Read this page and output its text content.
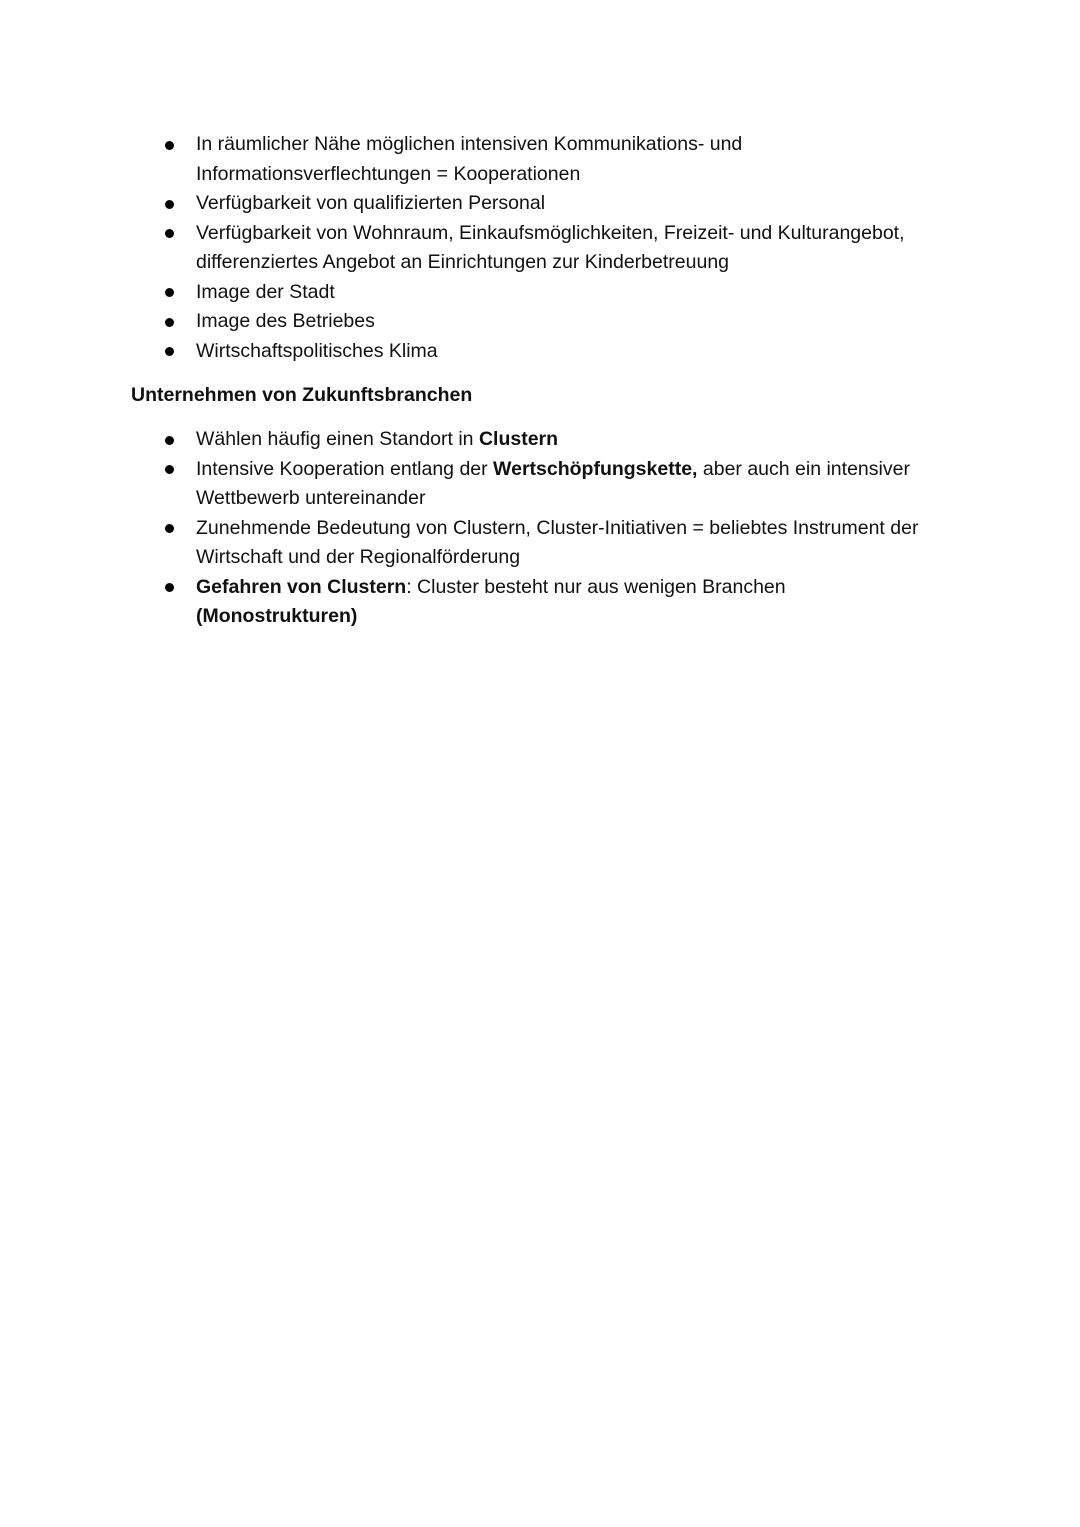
In räumlicher Nähe möglichen intensiven Kommunikations- und
Informationsverflechtungen = Kooperationen
Verfügbarkeit von qualifizierten Personal
Verfügbarkeit von Wohnraum, Einkaufsmöglichkeiten, Freizeit- und Kulturangebot,
differenziertes Angebot an Einrichtungen zur Kinderbetreuung
Image der Stadt
Image des Betriebes
Wirtschaftspolitisches Klima
Unternehmen von Zukunftsbranchen
Wählen häufig einen Standort in Clustern
Intensive Kooperation entlang der Wertschöpfungskette, aber auch ein intensiver
Wettbewerb untereinander
Zunehmende Bedeutung von Clustern, Cluster-Initiativen = beliebtes Instrument der
Wirtschaft und der Regionalförderung
Gefahren von Clustern: Cluster besteht nur aus wenigen Branchen
(Monostrukturen)
